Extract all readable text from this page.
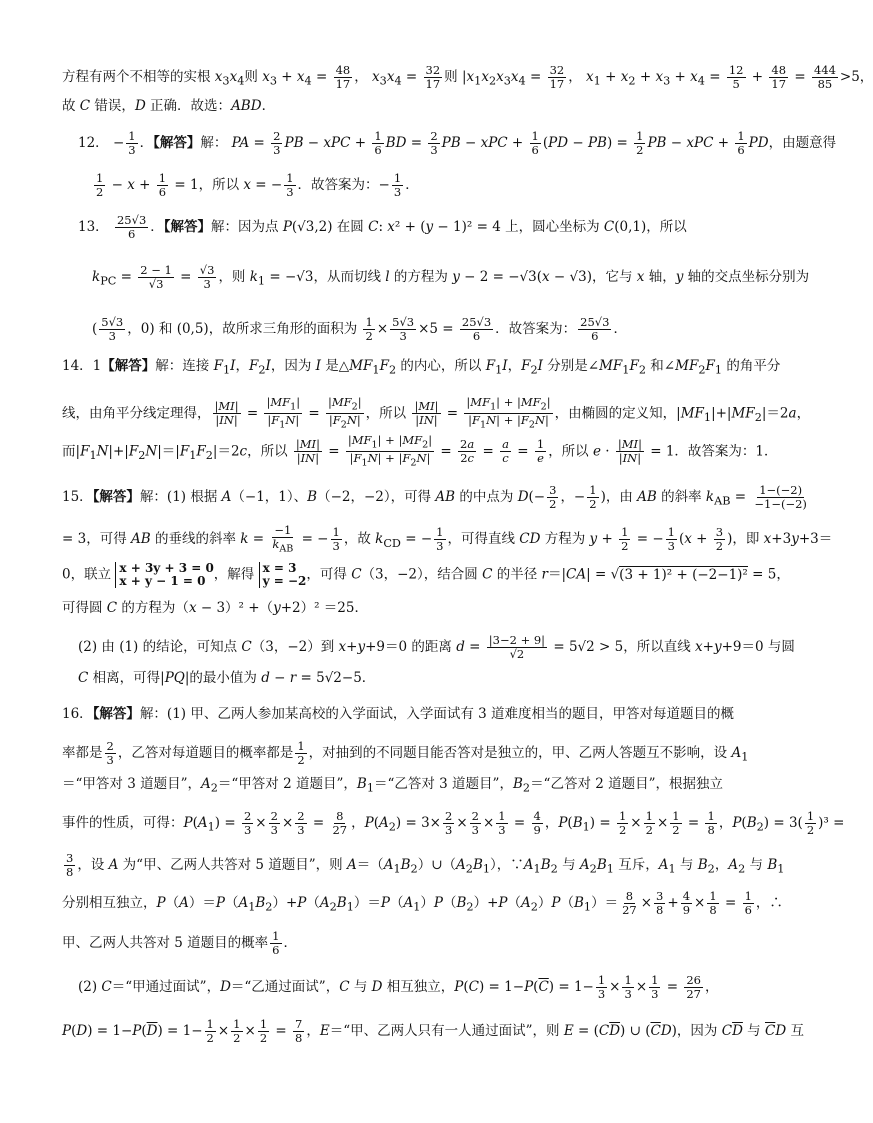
方程有两个不相等的实根 $x_3x_4$则 $x_3 + x_4 = \frac{48}{17}$ ， $x_3x_4 = \frac{32}{17}$ 则 $|x_1x_2x_3x_4 = \frac{32}{17}$ ， $x_1 + x_2 + x_3 + x_4 = \frac{12}{5} + \frac{48}{17} = \frac{444}{85} >5$，
故 C 错误，D 正确．故选：ABD．
12． − $\frac{1}{3}$ ．【解答】解： PA = $\frac{2}{3}$ PB − xPC + $\frac{1}{6}$ BD = $\frac{2}{3}$ PB − xPC + $\frac{1}{6} (PD - PB) = \frac{1}{2}$ PB − xPC + $\frac{1}{6}$ PD，由题意得
$\frac{1}{2} - x + \frac{1}{6} = 1$，所以 x = − $\frac{1}{3}$ ．故答案为：− $\frac{1}{3}$ ．
13． $\frac{25√3}{6}$ ．【解答】解：因为点 P(√3,2) 在圆 C: x² + (y − 1)² = 4 上，圆心坐标为 C(0,1)，所以
$k_{PC} = \frac{2 - 1}{√3} = \frac{√3}{3}$ ，则 $k_1 = -√3$，从而切线 l 的方程为 y − 2 = −√3(x − √3)，它与 x 轴，y 轴的交点坐标分别为
( $\frac{5√3}{3}$ ，0) 和 (0,5)，故所求三角形的面积为 $\frac{1}{2} \times \frac{5√3}{3} \times 5 = \frac{25√3}{6}$ ．故答案为： $\frac{25√3}{6}$ ．
14．1【解答】解：连接 $F_1I$，$F_2I$，因为 I 是$\triangle MF_1F_2$ 的内心，所以 $F_1I$，$F_2I$ 分别是$\angle MF_1F_2$ 和$\angle MF_2F_1$ 的角平分
线，由角平分线定理得， $\frac{|MI|}{|IN|} = \frac{|MF_1|}{|F_1N|} = \frac{|MF_2|}{|F_2N|}$ ，所以 $\frac{|MI|}{|IN|} = \frac{|MF_1| + |MF_2|}{|F_1N| + |F_2N|}$ ，由椭圆的定义知，$|MF_1|+|MF_2|=2a$，
而$|F_1N|+|F_2N|=|F_1F_2|=2c$，所以 $\frac{|MI|}{|IN|} = \frac{|MF_1| + |MF_2|}{|F_1N| + |F_2N|} = \frac{2a}{2c} = \frac{a}{c} = \frac{1}{e}$ ，所以 $e \cdot \frac{|MI|}{|IN|} = 1$．故答案为：1．
15．【解答】解：(1) 根据 A（−1，1）、B（−2，−2），可得 AB 的中点为 $D(- \frac{3}{2}$ ，− $\frac{1}{2}$ )，由 AB 的斜率 $k_{AB} = \frac{1-(-2)}{-1-(-2)}$
= 3，可得 AB 的垂线的斜率 $k = \frac{-1}{k_{AB}}$ = − $\frac{1}{3}$ ，故 $k_{CD}$ = − $\frac{1}{3}$ ，可得直线 CD 方程为 $y + \frac{1}{2}$ = − $\frac{1}{3} (x + \frac{3}{2}$ )，即 x+3y+3＝
0，联立 x + 3y + 3 = 0
x + y − 1 = 0 ，解得 x = 3
y = −2，可得 C（3，−2），结合圆 C 的半径 r＝|CA| = √(3 + 1)² + (−2−1)² = 5，
可得圆 C 的方程为（x − 3）² +（y+2）² ＝25．
(2) 由 (1) 的结论，可知点 C（3，−2）到 x+y+9＝0 的距离 $d = \frac{|3-2 + 9|}{√2} = 5√2 > 5$，所以直线 x+y+9＝0 与圆
C 相离，可得|PQ|的最小值为 d − r = 5√2−5．
16．【解答】解：(1) 甲、乙两人参加某高校的入学面试，入学面试有 3 道难度相当的题目，甲答对每道题目的概
率都是 $\frac{2}{3}$ ，乙答对每道题目的概率都是 $\frac{1}{2}$ ，对抽到的不同题目能否答对是独立的，甲、乙两人答题互不影响，设 $A_1$
＝“甲答对 3 道题目”，$A_2=“$甲答对 2 道题目”，$B_1=“$乙答对 3 道题目”，$B_2=“$乙答对 2 道题目”，根据独立
事件的性质，可得：$P(A_1) = \frac{2}{3} \times \frac{2}{3} \times \frac{2}{3} = \frac{8}{27}$ ，$P(A_2) = 3\times \frac{2}{3} \times \frac{2}{3} \times \frac{1}{3} = \frac{4}{9}$ ，$P(B_1) = \frac{1}{2} \times \frac{1}{2} \times \frac{1}{2} = \frac{1}{8}$ ，$P(B_2) = 3( \frac{1}{2} )^3$ =
$\frac{3}{8}$ ，设 A 为“甲、乙两人共答对 5 道题目”，则 $A=(A_1B_2)\cup(A_2B_1)$，$\because A_1B_2$ 与 $A_2B_1$ 互斥，$A_1$ 与 $B_2$，$A_2$ 与 $B_1$
分别相互独立，$P(A)=P(A_1B_2)+P(A_2B_1)=P(A_1)P(B_2)+P(A_2)P(B_1)= \frac{8}{27} \times \frac{3}{8} + \frac{4}{9} \times \frac{1}{8} = \frac{1}{6}$ ，∴
甲、乙两人共答对 5 道题目的概率 $\frac{1}{6}$ ．
(2) C＝“甲通过面试”，D＝“乙通过面试”，C 与 D 相互独立，$P(C) = 1-P(\overline{C}) = 1- \frac{1}{3} \times \frac{1}{3} \times \frac{1}{3} = \frac{26}{27}$ ，
$P(D) = 1-P(\overline{D}) = 1- \frac{1}{2} \times \frac{1}{2} \times \frac{1}{2} = \frac{7}{8}$ ，E＝“甲、乙两人只有一人通过面试”，则 $E = (C\overline{D})$ ∪ $(\overline{C}D)$，因为 $C\overline{D}$ 与 $\overline{C}D$ 互
